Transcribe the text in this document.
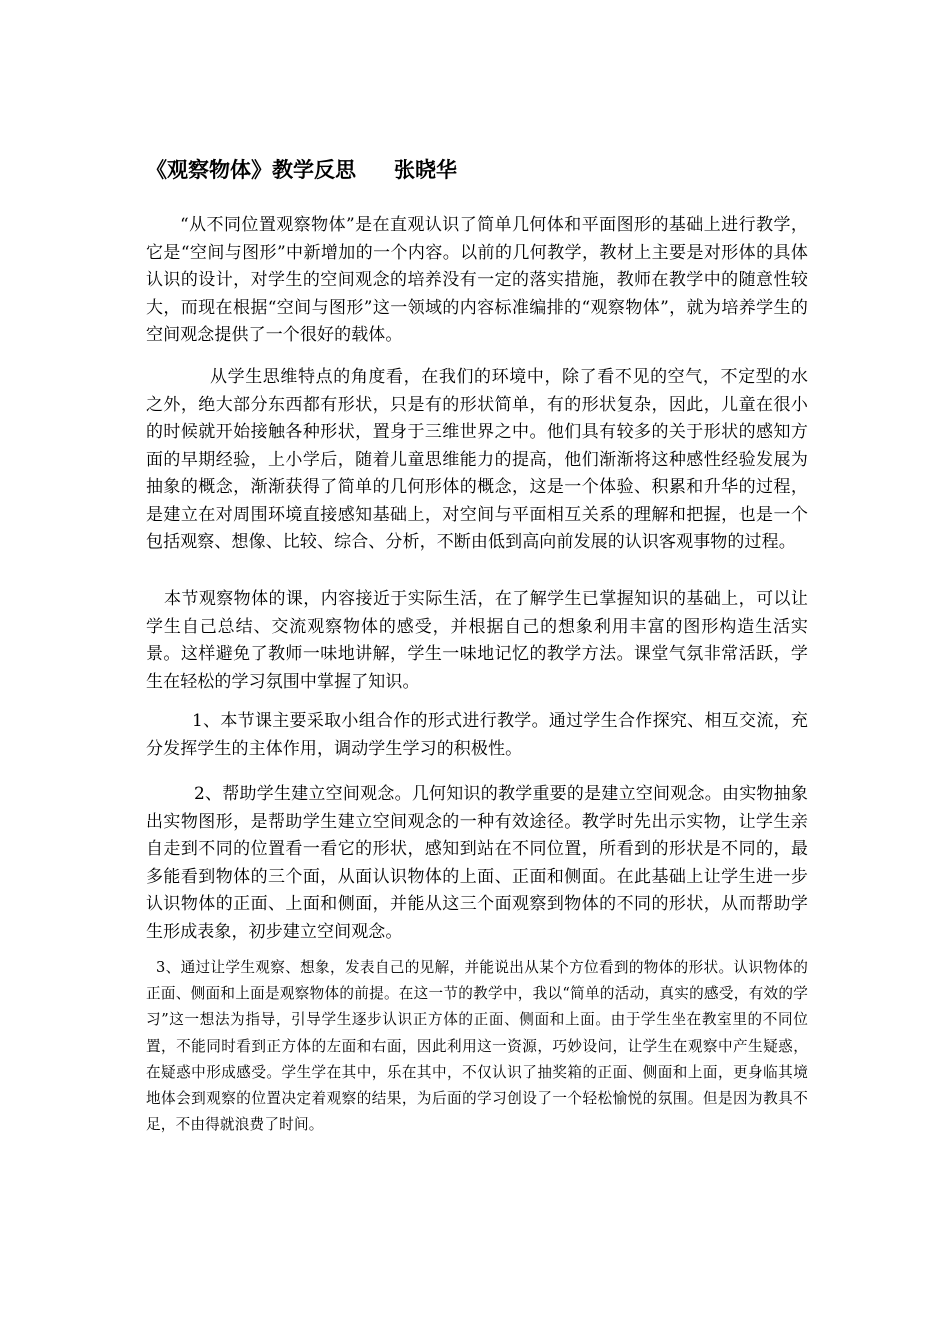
《观察物体》教学反思 张晓华

“从不同位置观察物体”是在直观认识了简单几何体和平面图形的基础上进行教学，它是“空间与图形”中新增加的一个内容。以前的几何教学，教材上主要是对形体的具体认识的设计，对学生的空间观念的培养没有一定的落实措施，教师在教学中的随意性较大，而现在根据“空间与图形”这一领域的内容标准编排的“观察物体”，就为培养学生的空间观念提供了一个很好的载体。

从学生思维特点的角度看，在我们的环境中，除了看不见的空气，不定型的水之外，绝大部分东西都有形状，只是有的形状简单，有的形状复杂，因此，儿童在很小的时候就开始接触各种形状，置身于三维世界之中。他们具有较多的关于形状的感知方面的早期经验，上小学后，随着儿童思维能力的提高，他们渐渐将这种感性经验发展为抽象的概念，渐渐获得了简单的几何形体的概念，这是一个体验、积累和升华的过程，是建立在对周围环境直接感知基础上，对空间与平面相互关系的理解和把握，也是一个包括观察、想像、比较、综合、分析，不断由低到高向前发展的认识客观事物的过程。

本节观察物体的课，内容接近于实际生活，在了解学生已掌握知识的基础上，可以让学生自己总结、交流观察物体的感受，并根据自己的想象利用丰富的图形构造生活实景。这样避免了教师一味地讲解，学生一味地记忆的教学方法。课堂气氛非常活跃，学生在轻松的学习氛围中掌握了知识。

1、本节课主要采取小组合作的形式进行教学。通过学生合作探究、相互交流，充分发挥学生的主体作用，调动学生学习的积极性。

2、帮助学生建立空间观念。几何知识的教学重要的是建立空间观念。由实物抽象出实物图形，是帮助学生建立空间观念的一种有效途径。教学时先出示实物，让学生亲自走到不同的位置看一看它的形状，感知到站在不同位置，所看到的形状是不同的，最多能看到物体的三个面，从面认识物体的上面、正面和侧面。在此基础上让学生进一步认识物体的正面、上面和侧面，并能从这三个面观察到物体的不同的形状，从而帮助学生形成表象，初步建立空间观念。

3、通过让学生观察、想象，发表自己的见解，并能说出从某个方位看到的物体的形状。认识物体的正面、侧面和上面是观察物体的前提。在这一节的教学中，我以“简单的活动，真实的感受，有效的学习”这一想法为指导，引导学生逐步认识正方体的正面、侧面和上面。由于学生坐在教室里的不同位置，不能同时看到正方体的左面和右面，因此利用这一资源，巧妙设问，让学生在观察中产生疑惑，在疑惑中形成感受。学生学在其中，乐在其中，不仅认识了抽奖箱的正面、侧面和上面，更身临其境地体会到观察的位置决定着观察的结果，为后面的学习创设了一个轻松愉悦的氛围。但是因为教具不足，不由得就浪费了时间。
